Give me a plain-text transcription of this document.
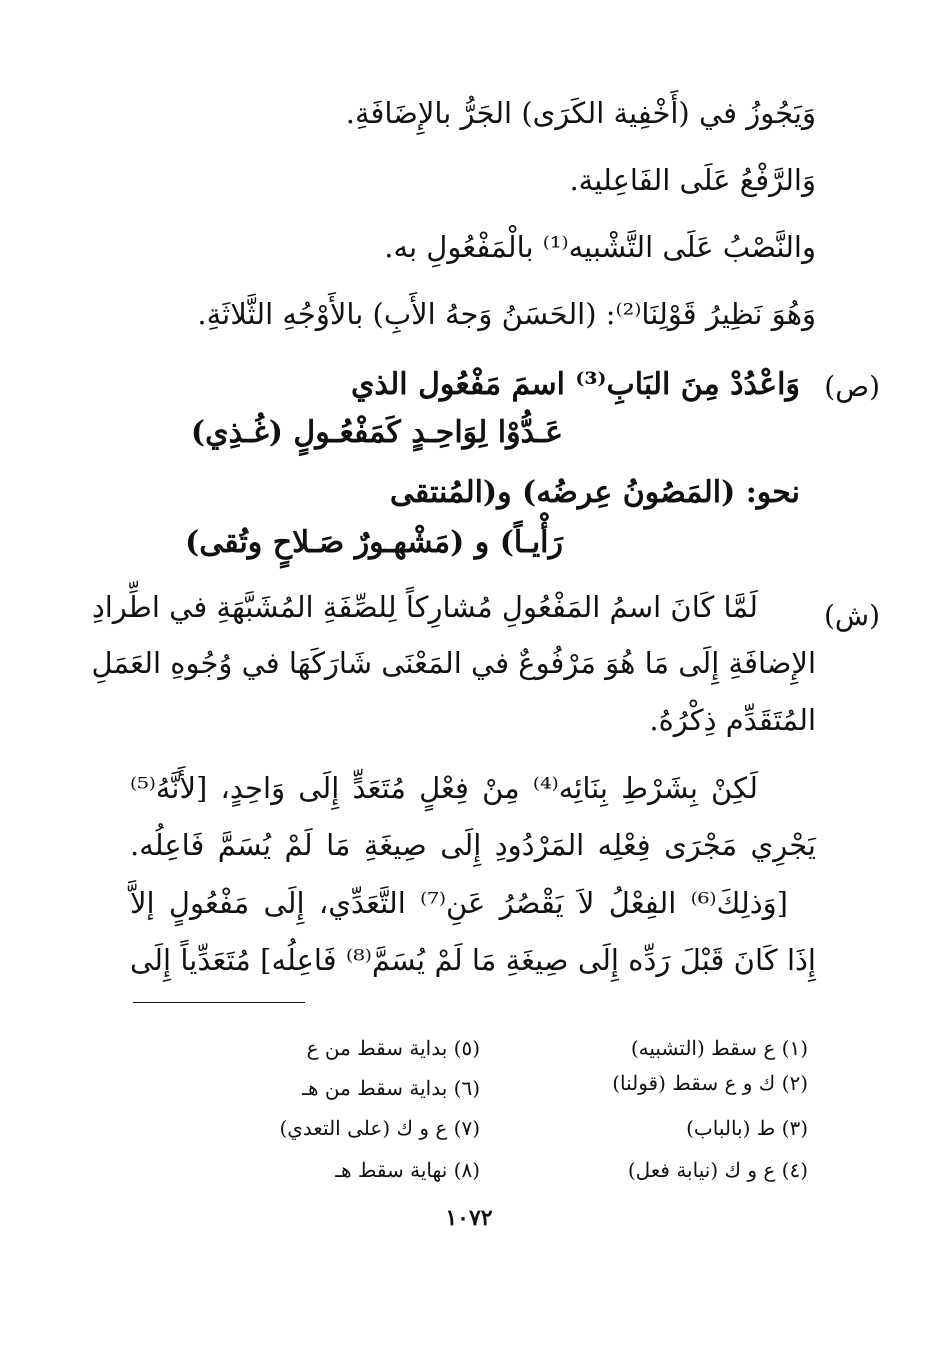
وَيَجُوزُ في (أَخْفِية الكَرَى) الجَرُّ بالإِضَافَةِ.
وَالرَّفْعُ عَلَى الفَاعِلية.
والنَّصْبُ عَلَى التَّشْبيه⁽¹⁾ بالْمَفْعُولِ به.
وَهُوَ نَظِيرُ قَوْلِنَا⁽²⁾: (الحَسَنُ وَجهُ الأَبِ) بالأَوْجُهِ الثَّلاثَةِ.
(ص)
وَاعْدُدْ مِنَ البَابِ⁽³⁾ اسمَ مَفْعُول الذي
عَـدُّوْا لِوَاحِـدٍ كَمَفْعُـولٍ (غُـذِي)
نحو: (المَصُونُ عِرضُه) و(المُنتقى
رَأْيـاً) و (مَشْهـورٌ صَـلاحٍ وتُقى)
(ش)
لَمَّا كَانَ اسمُ المَفْعُولِ مُشارِكاً لِلصِّفَةِ المُشَبَّهَةِ في اطِّرادِ
الإِضافَةِ إِلَى مَا هُوَ مَرْفُوعٌ في المَعْنَى شَارَكَهَا في وُجُوهِ العَمَلِ
المُتَقَدِّم ذِكْرُهُ.
لَكِنْ بِشَرْطِ بِنَائِه⁽⁴⁾ مِنْ فِعْلٍ مُتَعَدٍّ إِلَى وَاحِدٍ، [لأَنَّهُ⁽⁵⁾
يَجْرِي مَجْرَى فِعْلِه المَرْدُودِ إِلَى صِيغَةِ مَا لَمْ يُسَمَّ فَاعِلُه.
[وَذلِكَ⁽⁶⁾ الفِعْلُ لاَ يَقْصُرُ عَنِ⁽⁷⁾ التَّعَدِّي، إِلَى مَفْعُولٍ إلاَّ
إِذَا كَانَ قَبْلَ رَدِّه إِلَى صِيغَةِ مَا لَمْ يُسَمَّ⁽⁸⁾ فَاعِلُه] مُتَعَدِّياً إِلَى
(١) ع سقط (التشبيه)
(٢) ك و ع سقط (قولنا)
(٣) ط (بالباب)
(٤) ع و ك (نيابة فعل)
(٥) بداية سقط من ع
(٦) بداية سقط من هـ
(٧) ع و ك (على التعدي)
(٨) نهاية سقط هـ
١٠٧٢
